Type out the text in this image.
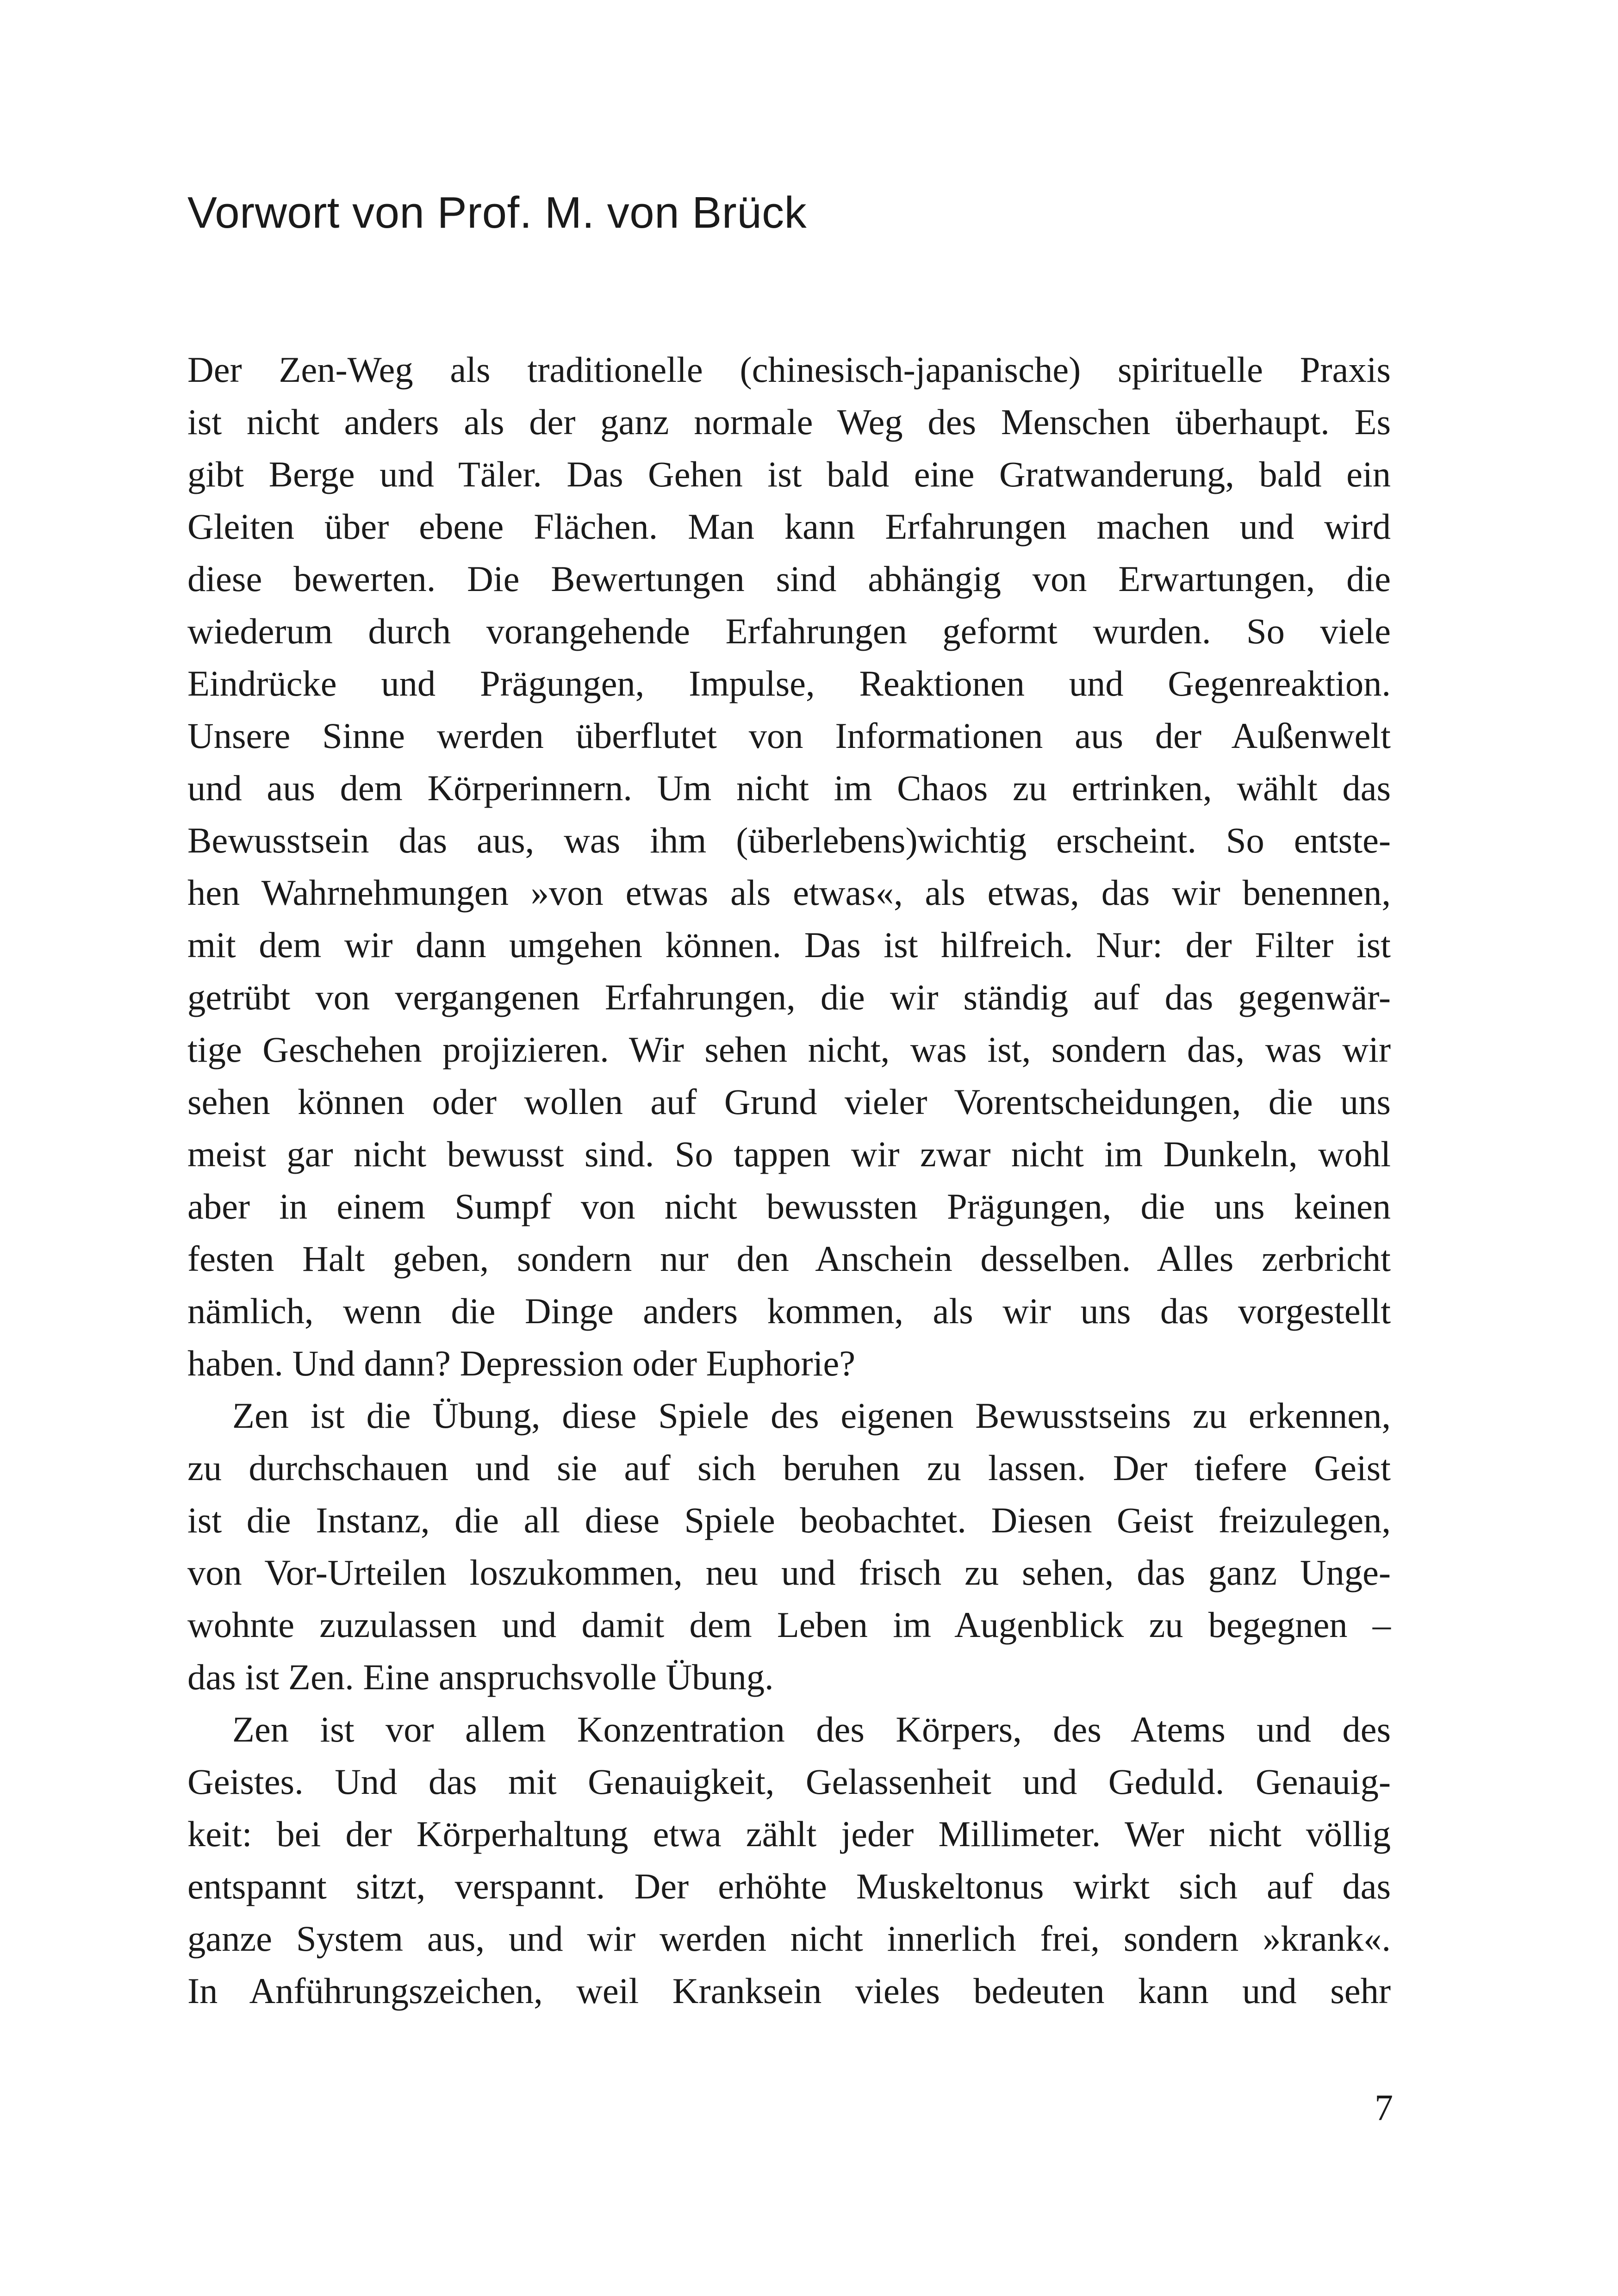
Vorwort von Prof. M. von Brück
Der Zen-Weg als traditionelle (chinesisch-japanische) spirituelle Praxis
ist nicht anders als der ganz normale Weg des Menschen überhaupt. Es
gibt Berge und Täler. Das Gehen ist bald eine Gratwanderung, bald ein
Gleiten über ebene Flächen. Man kann Erfahrungen machen und wird
diese bewerten. Die Bewertungen sind abhängig von Erwartungen, die
wiederum durch vorangehende Erfahrungen geformt wurden. So viele
Eindrücke und Prägungen, Impulse, Reaktionen und Gegenreaktion.
Unsere Sinne werden überflutet von Informationen aus der Außenwelt
und aus dem Körperinnern. Um nicht im Chaos zu ertrinken, wählt das
Bewusstsein das aus, was ihm (überlebens)wichtig erscheint. So entste-
hen Wahrnehmungen »von etwas als etwas«, als etwas, das wir benennen,
mit dem wir dann umgehen können. Das ist hilfreich. Nur: der Filter ist
getrübt von vergangenen Erfahrungen, die wir ständig auf das gegenwär-
tige Geschehen projizieren. Wir sehen nicht, was ist, sondern das, was wir
sehen können oder wollen auf Grund vieler Vorentscheidungen, die uns
meist gar nicht bewusst sind. So tappen wir zwar nicht im Dunkeln, wohl
aber in einem Sumpf von nicht bewussten Prägungen, die uns keinen
festen Halt geben, sondern nur den Anschein desselben. Alles zerbricht
nämlich, wenn die Dinge anders kommen, als wir uns das vorgestellt
haben. Und dann? Depression oder Euphorie?
Zen ist die Übung, diese Spiele des eigenen Bewusstseins zu erkennen,
zu durchschauen und sie auf sich beruhen zu lassen. Der tiefere Geist
ist die Instanz, die all diese Spiele beobachtet. Diesen Geist freizulegen,
von Vor-Urteilen loszukommen, neu und frisch zu sehen, das ganz Unge-
wohnte zuzulassen und damit dem Leben im Augenblick zu begegnen –
das ist Zen. Eine anspruchsvolle Übung.
Zen ist vor allem Konzentration des Körpers, des Atems und des
Geistes. Und das mit Genauigkeit, Gelassenheit und Geduld. Genauig-
keit: bei der Körperhaltung etwa zählt jeder Millimeter. Wer nicht völlig
entspannt sitzt, verspannt. Der erhöhte Muskeltonus wirkt sich auf das
ganze System aus, und wir werden nicht innerlich frei, sondern »krank«.
In Anführungszeichen, weil Kranksein vieles bedeuten kann und sehr
7
